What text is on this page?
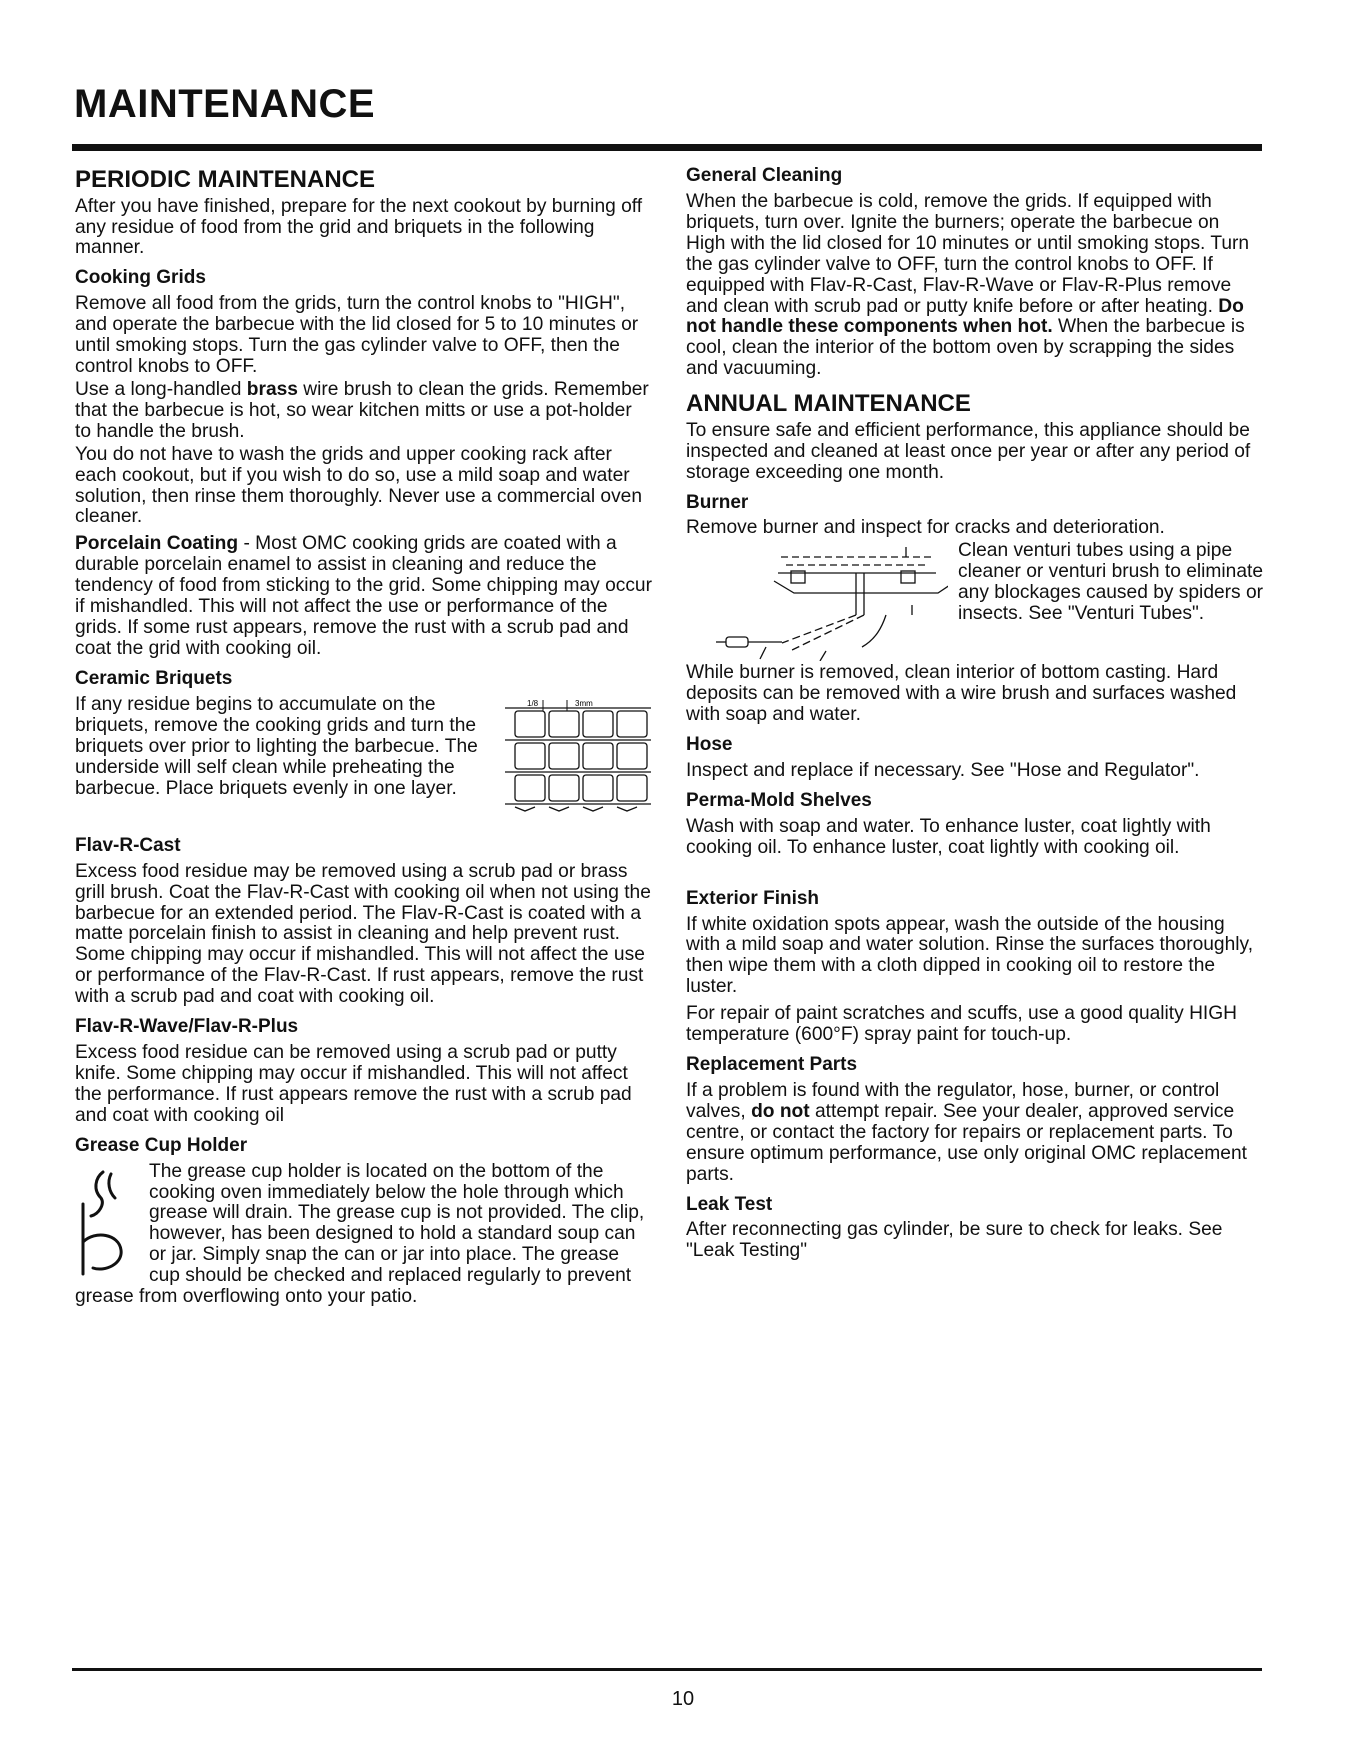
MAINTENANCE
PERIODIC MAINTENANCE

After you have finished, prepare for the next cookout by burning off any residue of food from the grid and briquets in the following manner.

Cooking Grids

Remove all food from the grids, turn the control knobs to "HIGH", and operate the barbecue with the lid closed for 5 to 10 minutes or until smoking stops. Turn the gas cylinder valve to OFF, then the control knobs to OFF.

Use a long-handled brass wire brush to clean the grids. Remember that the barbecue is hot, so wear kitchen mitts or use a pot-holder to handle the brush.

You do not have to wash the grids and upper cooking rack after each cookout, but if you wish to do so, use a mild soap and water solution, then rinse them thoroughly. Never use a commercial oven cleaner.

Porcelain Coating - Most OMC cooking grids are coated with a durable porcelain enamel to assist in cleaning and reduce the tendency of food from sticking to the grid. Some chipping may occur if mishandled. This will not affect the use or performance of the grids. If some rust appears, remove the rust with a scrub pad and coat the grid with cooking oil.

Ceramic Briquets
1/8	3mm

If any residue begins to accumulate on the briquets, remove the cooking grids and turn the briquets over prior to lighting the barbecue. The underside will self clean while preheating the barbecue. Place briquets evenly in one layer.

Flav-R-Cast

Excess food residue may be removed using a scrub pad or brass grill brush. Coat the Flav-R-Cast with cooking oil when not using the barbecue for an extended period. The Flav-R-Cast is coated with a matte porcelain finish to assist in cleaning and help prevent rust. Some chipping may occur if mishandled. This will not affect the use or performance of the Flav-R-Cast. If rust appears, remove the rust with a scrub pad and coat with cooking oil.

Flav-R-Wave/Flav-R-Plus

Excess food residue can be removed using a scrub pad or putty knife. Some chipping may occur if mishandled. This will not affect the performance. If rust appears remove the rust with a scrub pad and coat with cooking oil

Grease Cup Holder

The grease cup holder is located on the bottom of the cooking oven immediately below the hole through which grease will drain. The grease cup is not provided. The clip, however, has been designed to hold a standard soup can or jar. Simply snap the can or jar into place. The grease cup should be checked and replaced regularly to prevent grease from overflowing onto your patio.

General Cleaning

When the barbecue is cold, remove the grids. If equipped with briquets, turn over. Ignite the burners; operate the barbecue on High with the lid closed for 10 minutes or until smoking stops. Turn the gas cylinder valve to OFF, turn the control knobs to OFF. If equipped with Flav-R-Cast, Flav-R-Wave or Flav-R-Plus remove and clean with scrub pad or putty knife before or after heating. Do not handle these components when hot. When the barbecue is cool, clean the interior of the bottom oven by scrapping the sides and vacuuming.

ANNUAL MAINTENANCE

To ensure safe and efficient performance, this appliance should be inspected and cleaned at least once per year or after any period of storage exceeding one month.

Burner

Remove burner and inspect for cracks and deterioration.

Clean venturi tubes using a pipe cleaner or venturi brush to eliminate any blockages caused by spiders or insects. See "Venturi Tubes".

While burner is removed, clean interior of bottom casting. Hard deposits can be removed with a wire brush and surfaces washed with soap and water.

Hose

Inspect and replace if necessary. See "Hose and Regulator".

Perma-Mold Shelves

Wash with soap and water. To enhance luster, coat lightly with cooking oil. To enhance luster, coat lightly with cooking oil.

Exterior Finish

If white oxidation spots appear, wash the outside of the housing with a mild soap and water solution. Rinse the surfaces thoroughly, then wipe them with a cloth dipped in cooking oil to restore the luster.

For repair of paint scratches and scuffs, use a good quality HIGH temperature (600°F) spray paint for touch-up.

Replacement Parts

If a problem is found with the regulator, hose, burner, or control valves, do not attempt repair. See your dealer, approved service centre, or contact the factory for repairs or replacement parts. To ensure optimum performance, use only original OMC replacement parts.

Leak Test

After reconnecting gas cylinder, be sure to check for leaks. See "Leak Testing"

10
